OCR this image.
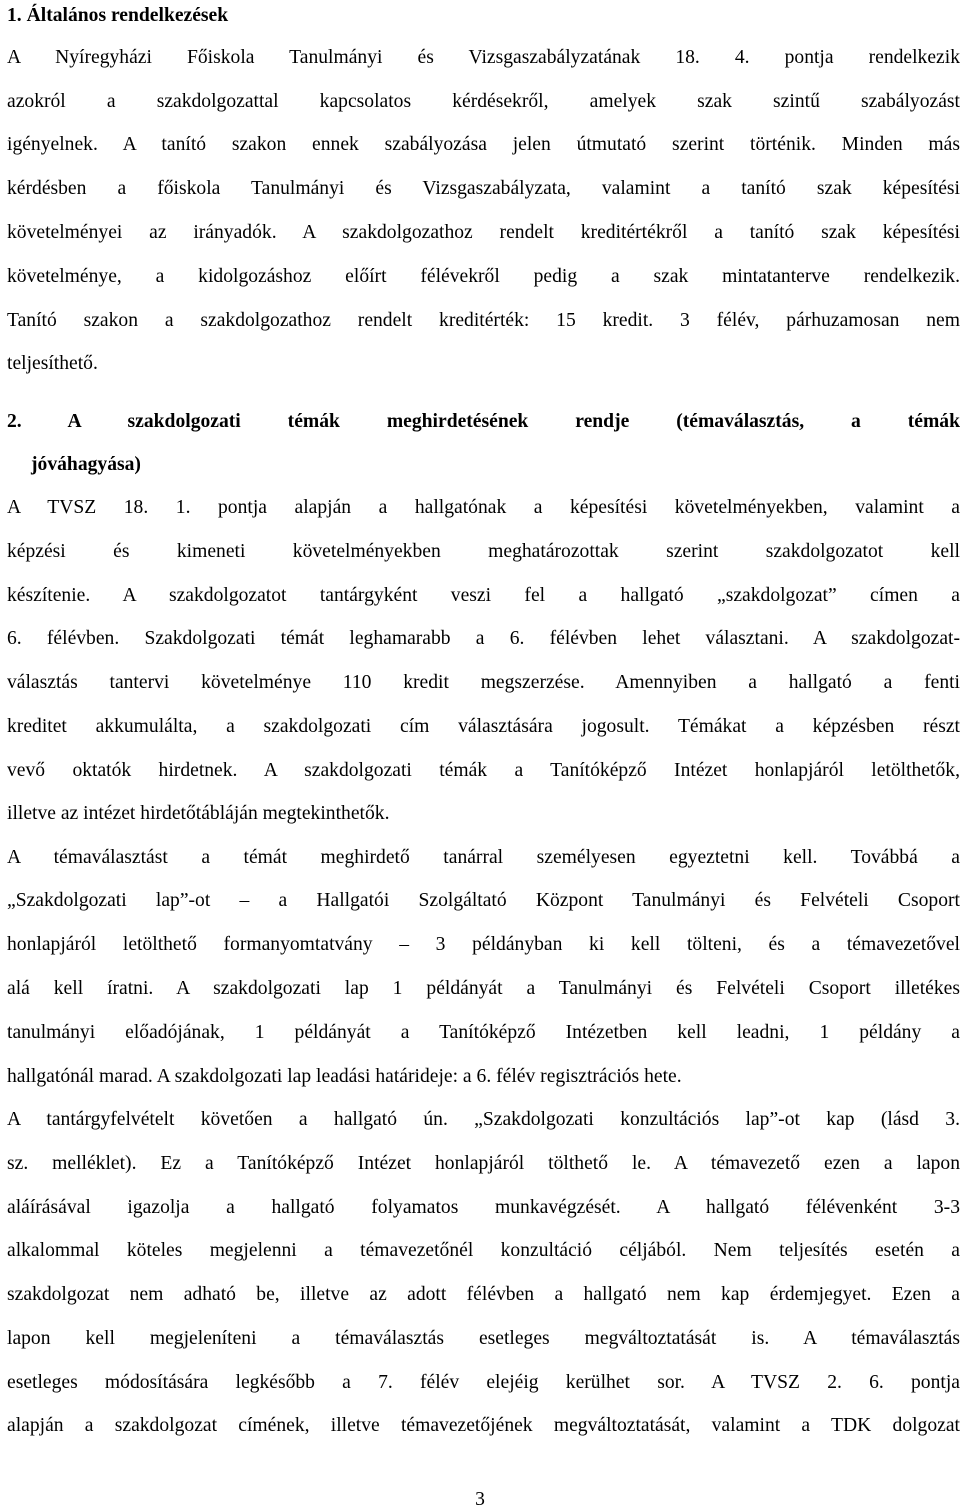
1. Általános rendelkezések
A Nyíregyházi Főiskola Tanulmányi és Vizsgaszabályzatának 18. 4. pontja rendelkezik
azokról a szakdolgozattal kapcsolatos kérdésekről, amelyek szak szintű szabályozást
igényelnek. A tanító szakon ennek szabályozása jelen útmutató szerint történik. Minden más
kérdésben a főiskola Tanulmányi és Vizsgaszabályzata, valamint a tanító szak képesítési
követelményei az irányadók. A szakdolgozathoz rendelt kreditértékről a tanító szak képesítési
követelménye, a kidolgozáshoz előírt félévekről pedig a szak mintatanterve rendelkezik.
Tanító szakon a szakdolgozathoz rendelt kreditérték: 15 kredit. 3 félév, párhuzamosan nem
teljesíthető.
2. A szakdolgozati témák meghirdetésének rendje (témaválasztás, a témák
jóváhagyása)
A TVSZ 18. 1. pontja alapján a hallgatónak a képesítési követelményekben, valamint a
képzési és kimeneti követelményekben meghatározottak szerint szakdolgozatot kell
készítenie. A szakdolgozatot tantárgyként veszi fel a hallgató „szakdolgozat” címen a
6. félévben. Szakdolgozati témát leghamarabb a 6. félévben lehet választani. A szakdolgozat-
választás tantervi követelménye 110 kredit megszerzése. Amennyiben a hallgató a fenti
kreditet akkumulálta, a szakdolgozati cím választására jogosult. Témákat a képzésben részt
vevő oktatók hirdetnek. A szakdolgozati témák a Tanítóképző Intézet honlapjáról letölthetők,
illetve az intézet hirdetőtábláján megtekinthetők.
A témaválasztást a témát meghirdető tanárral személyesen egyeztetni kell. Továbbá a
„Szakdolgozati lap”-ot – a Hallgatói Szolgáltató Központ Tanulmányi és Felvételi Csoport
honlapjáról letölthető formanyomtatvány – 3 példányban ki kell tölteni, és a témavezetővel
alá kell íratni. A szakdolgozati lap 1 példányát a Tanulmányi és Felvételi Csoport illetékes
tanulmányi előadójának, 1 példányát a Tanítóképző Intézetben kell leadni, 1 példány a
hallgatónál marad. A szakdolgozati lap leadási határideje: a 6. félév regisztrációs hete.
A tantárgyfelvételt követően a hallgató ún. „Szakdolgozati konzultációs lap”-ot kap (lásd 3.
sz. melléklet). Ez a Tanítóképző Intézet honlapjáról tölthető le. A témavezető ezen a lapon
aláírásával igazolja a hallgató folyamatos munkavégzését. A hallgató félévenként 3-3
alkalommal köteles megjelenni a témavezetőnél konzultáció céljából. Nem teljesítés esetén a
szakdolgozat nem adható be, illetve az adott félévben a hallgató nem kap érdemjegyet. Ezen a
lapon kell megjeleníteni a témaválasztás esetleges megváltoztatását is. A témaválasztás
esetleges módosítására legkésőbb a 7. félév elejéig kerülhet sor. A TVSZ 2. 6. pontja
alapján a szakdolgozat címének, illetve témavezetőjének megváltoztatását, valamint a TDK dolgozat
3
